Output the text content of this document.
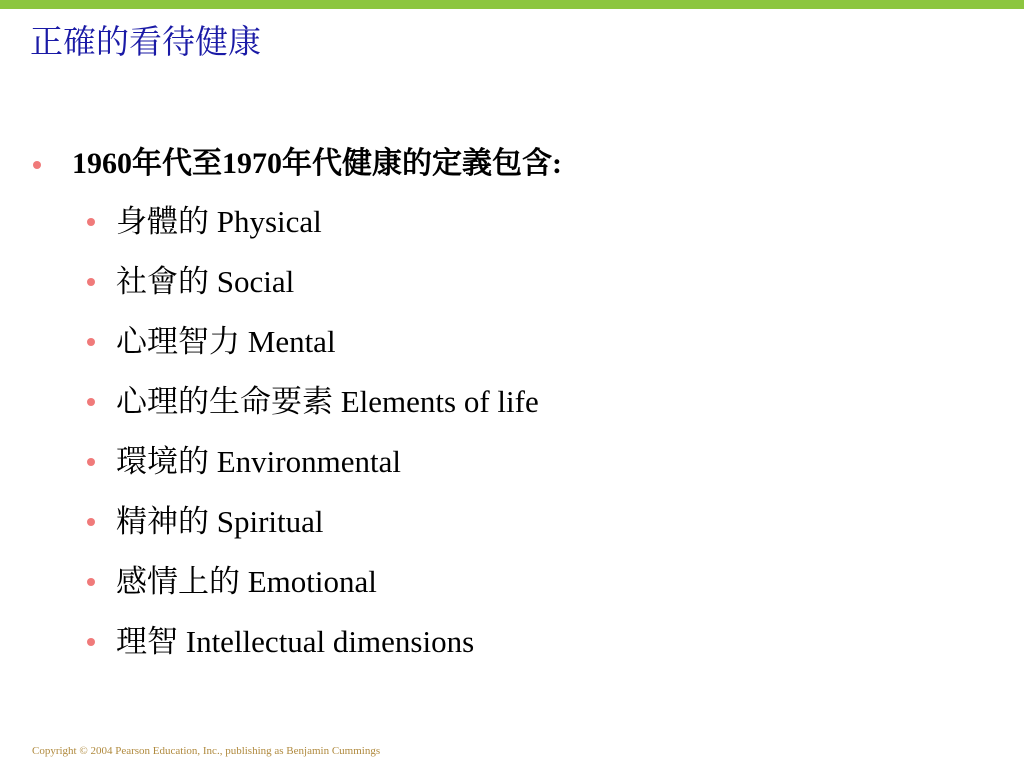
正確的看待健康
1960年代至1970年代健康的定義包含:
身體的 Physical
社會的 Social
心理智力 Mental
心理的生命要素 Elements of life
環境的 Environmental
精神的 Spiritual
感情上的 Emotional
理智 Intellectual dimensions
Copyright © 2004 Pearson Education, Inc., publishing as Benjamin Cummings
